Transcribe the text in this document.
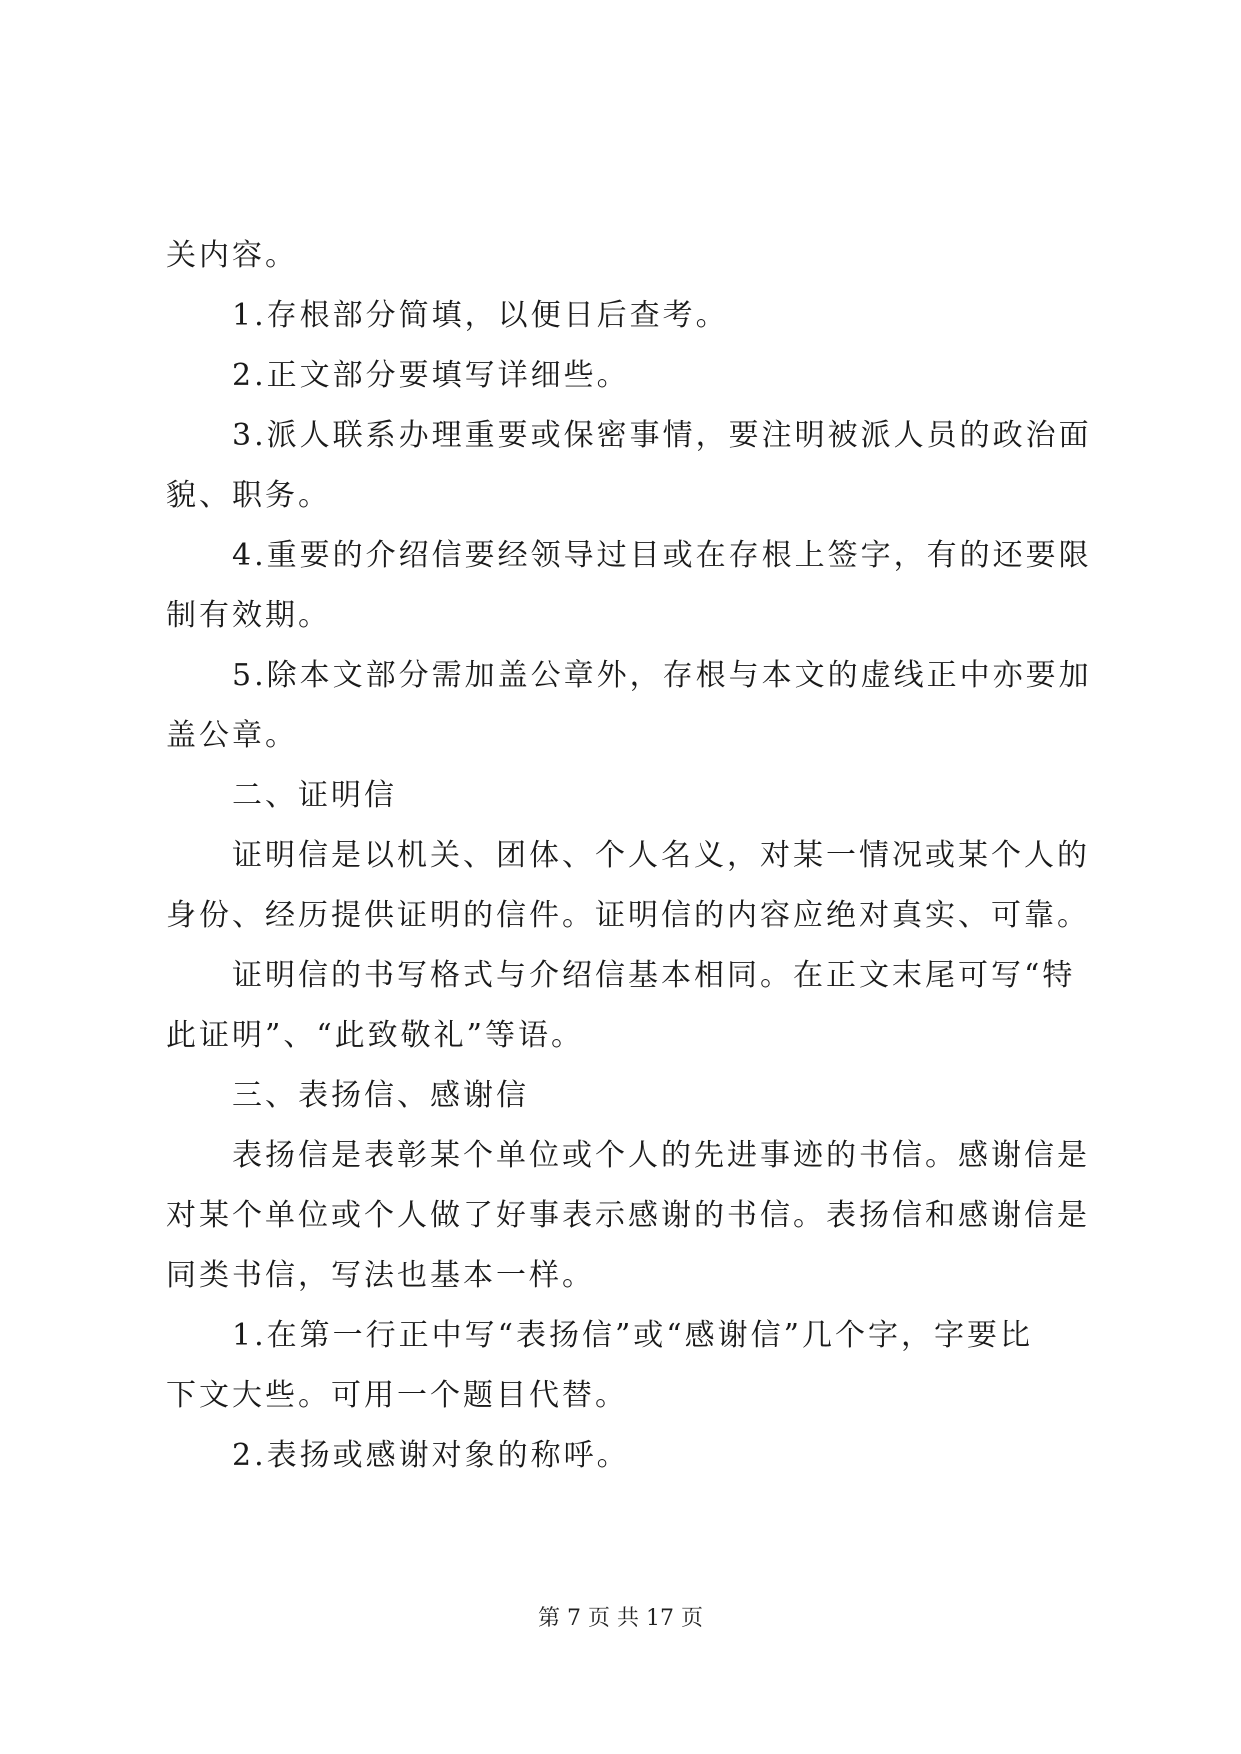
关内容。
1.存根部分简填，以便日后查考。
2.正文部分要填写详细些。
3.派人联系办理重要或保密事情，要注明被派人员的政治面
貌、职务。
4.重要的介绍信要经领导过目或在存根上签字，有的还要限
制有效期。
5.除本文部分需加盖公章外，存根与本文的虚线正中亦要加
盖公章。
二、证明信
证明信是以机关、团体、个人名义，对某一情况或某个人的
身份、经历提供证明的信件。证明信的内容应绝对真实、可靠。
证明信的书写格式与介绍信基本相同。在正文末尾可写“特
此证明”、“此致敬礼”等语。
三、表扬信、感谢信
表扬信是表彰某个单位或个人的先进事迹的书信。感谢信是
对某个单位或个人做了好事表示感谢的书信。表扬信和感谢信是
同类书信，写法也基本一样。
1.在第一行正中写“表扬信”或“感谢信”几个字，字要比
下文大些。可用一个题目代替。
2.表扬或感谢对象的称呼。
第 7 页 共 17 页
